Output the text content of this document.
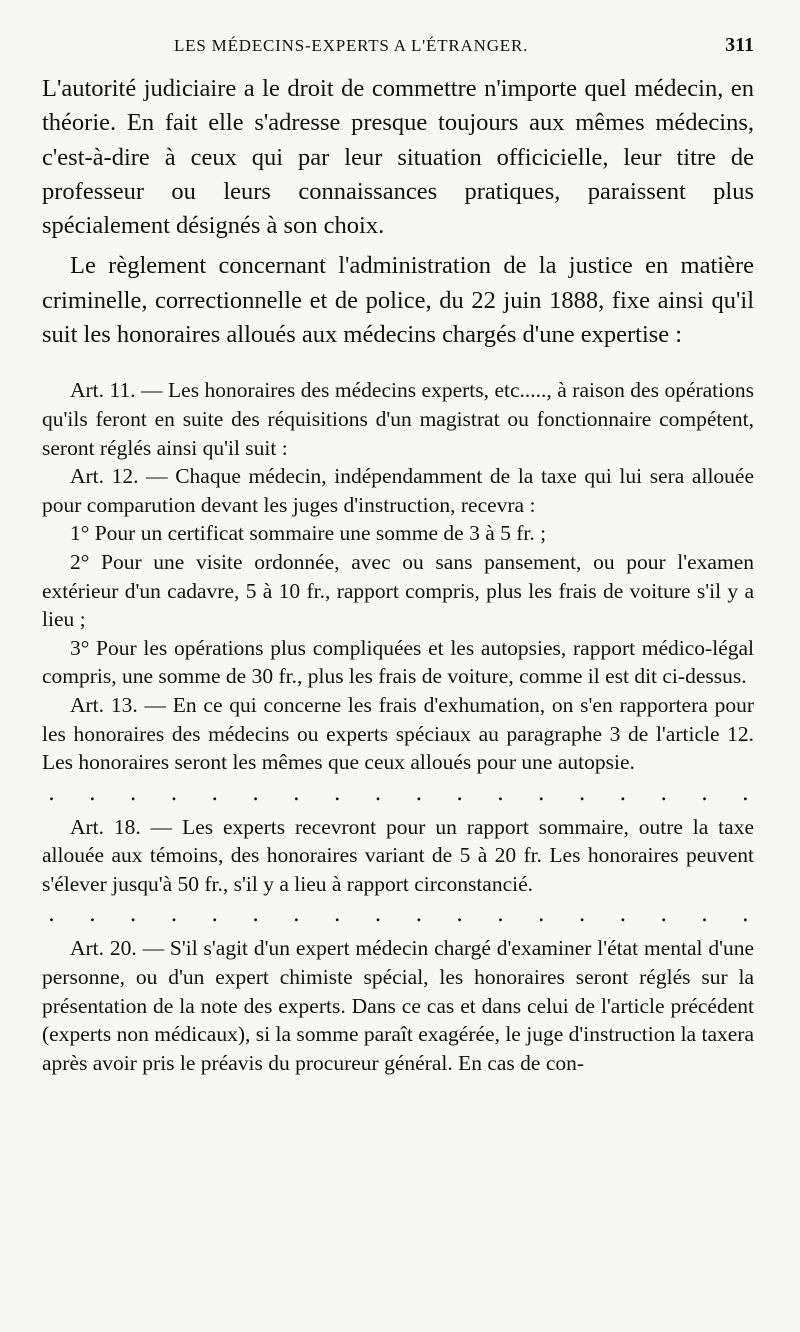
LES MÉDECINS-EXPERTS A L'ÉTRANGER.	311

L'autorité judiciaire a le droit de commettre n'importe quel médecin, en théorie. En fait elle s'adresse presque toujours aux mêmes médecins, c'est-à-dire à ceux qui par leur situation officicielle, leur titre de professeur ou leurs connaissances pratiques, paraissent plus spécialement désignés à son choix.

Le règlement concernant l'administration de la justice en matière criminelle, correctionnelle et de police, du 22 juin 1888, fixe ainsi qu'il suit les honoraires alloués aux médecins chargés d'une expertise :

Art. 11. — Les honoraires des médecins experts, etc....., à raison des opérations qu'ils feront en suite des réquisitions d'un magistrat ou fonctionnaire compétent, seront réglés ainsi qu'il suit :

Art. 12. — Chaque médecin, indépendamment de la taxe qui lui sera allouée pour comparution devant les juges d'instruction, recevra :

1° Pour un certificat sommaire une somme de 3 à 5 fr. ;

2° Pour une visite ordonnée, avec ou sans pansement, ou pour l'examen extérieur d'un cadavre, 5 à 10 fr., rapport compris, plus les frais de voiture s'il y a lieu ;

3° Pour les opérations plus compliquées et les autopsies, rapport médico-légal compris, une somme de 30 fr., plus les frais de voiture, comme il est dit ci-dessus.

Art. 13. — En ce qui concerne les frais d'exhumation, on s'en rapportera pour les honoraires des médecins ou experts spéciaux au paragraphe 3 de l'article 12. Les honoraires seront les mêmes que ceux alloués pour une autopsie.

. . . . . . . . . . . . . . . . . .

Art. 18. — Les experts recevront pour un rapport sommaire, outre la taxe allouée aux témoins, des honoraires variant de 5 à 20 fr. Les honoraires peuvent s'élever jusqu'à 50 fr., s'il y a lieu à rapport circonstancié.

. . . . . . . . . . . . . . . . . .

Art. 20. — S'il s'agit d'un expert médecin chargé d'examiner l'état mental d'une personne, ou d'un expert chimiste spécial, les honoraires seront réglés sur la présentation de la note des experts. Dans ce cas et dans celui de l'article précédent (experts non médicaux), si la somme paraît exagérée, le juge d'instruction la taxera après avoir pris le préavis du procureur général. En cas de con-
